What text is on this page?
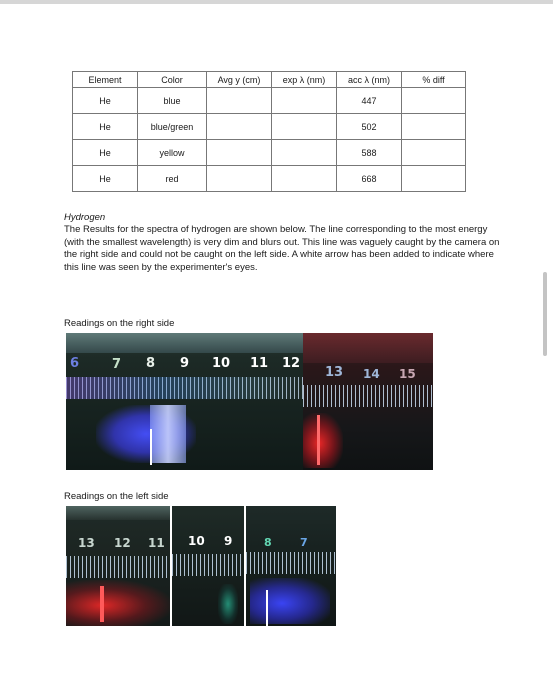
Element	Color	Avg y (cm)	exp λ (nm)	acc λ (nm)	% diff
He	blue			447	
He	blue/green			502	
He	yellow			588	
He	red			668	
Hydrogen
The Results for the spectra of hydrogen are shown below. The line corresponding to the most energy (with the smallest wavelength) is very dim and blurs out. This line was vaguely caught by the camera on the right side and could not be caught on the left side. A white arrow has been added to indicate where this line was seen by the experimenter's eyes.
Readings on the right side
6	7 8 9 10 11 12
13 14 15
Readings on the left side
13 12 11 10 9	8	7
